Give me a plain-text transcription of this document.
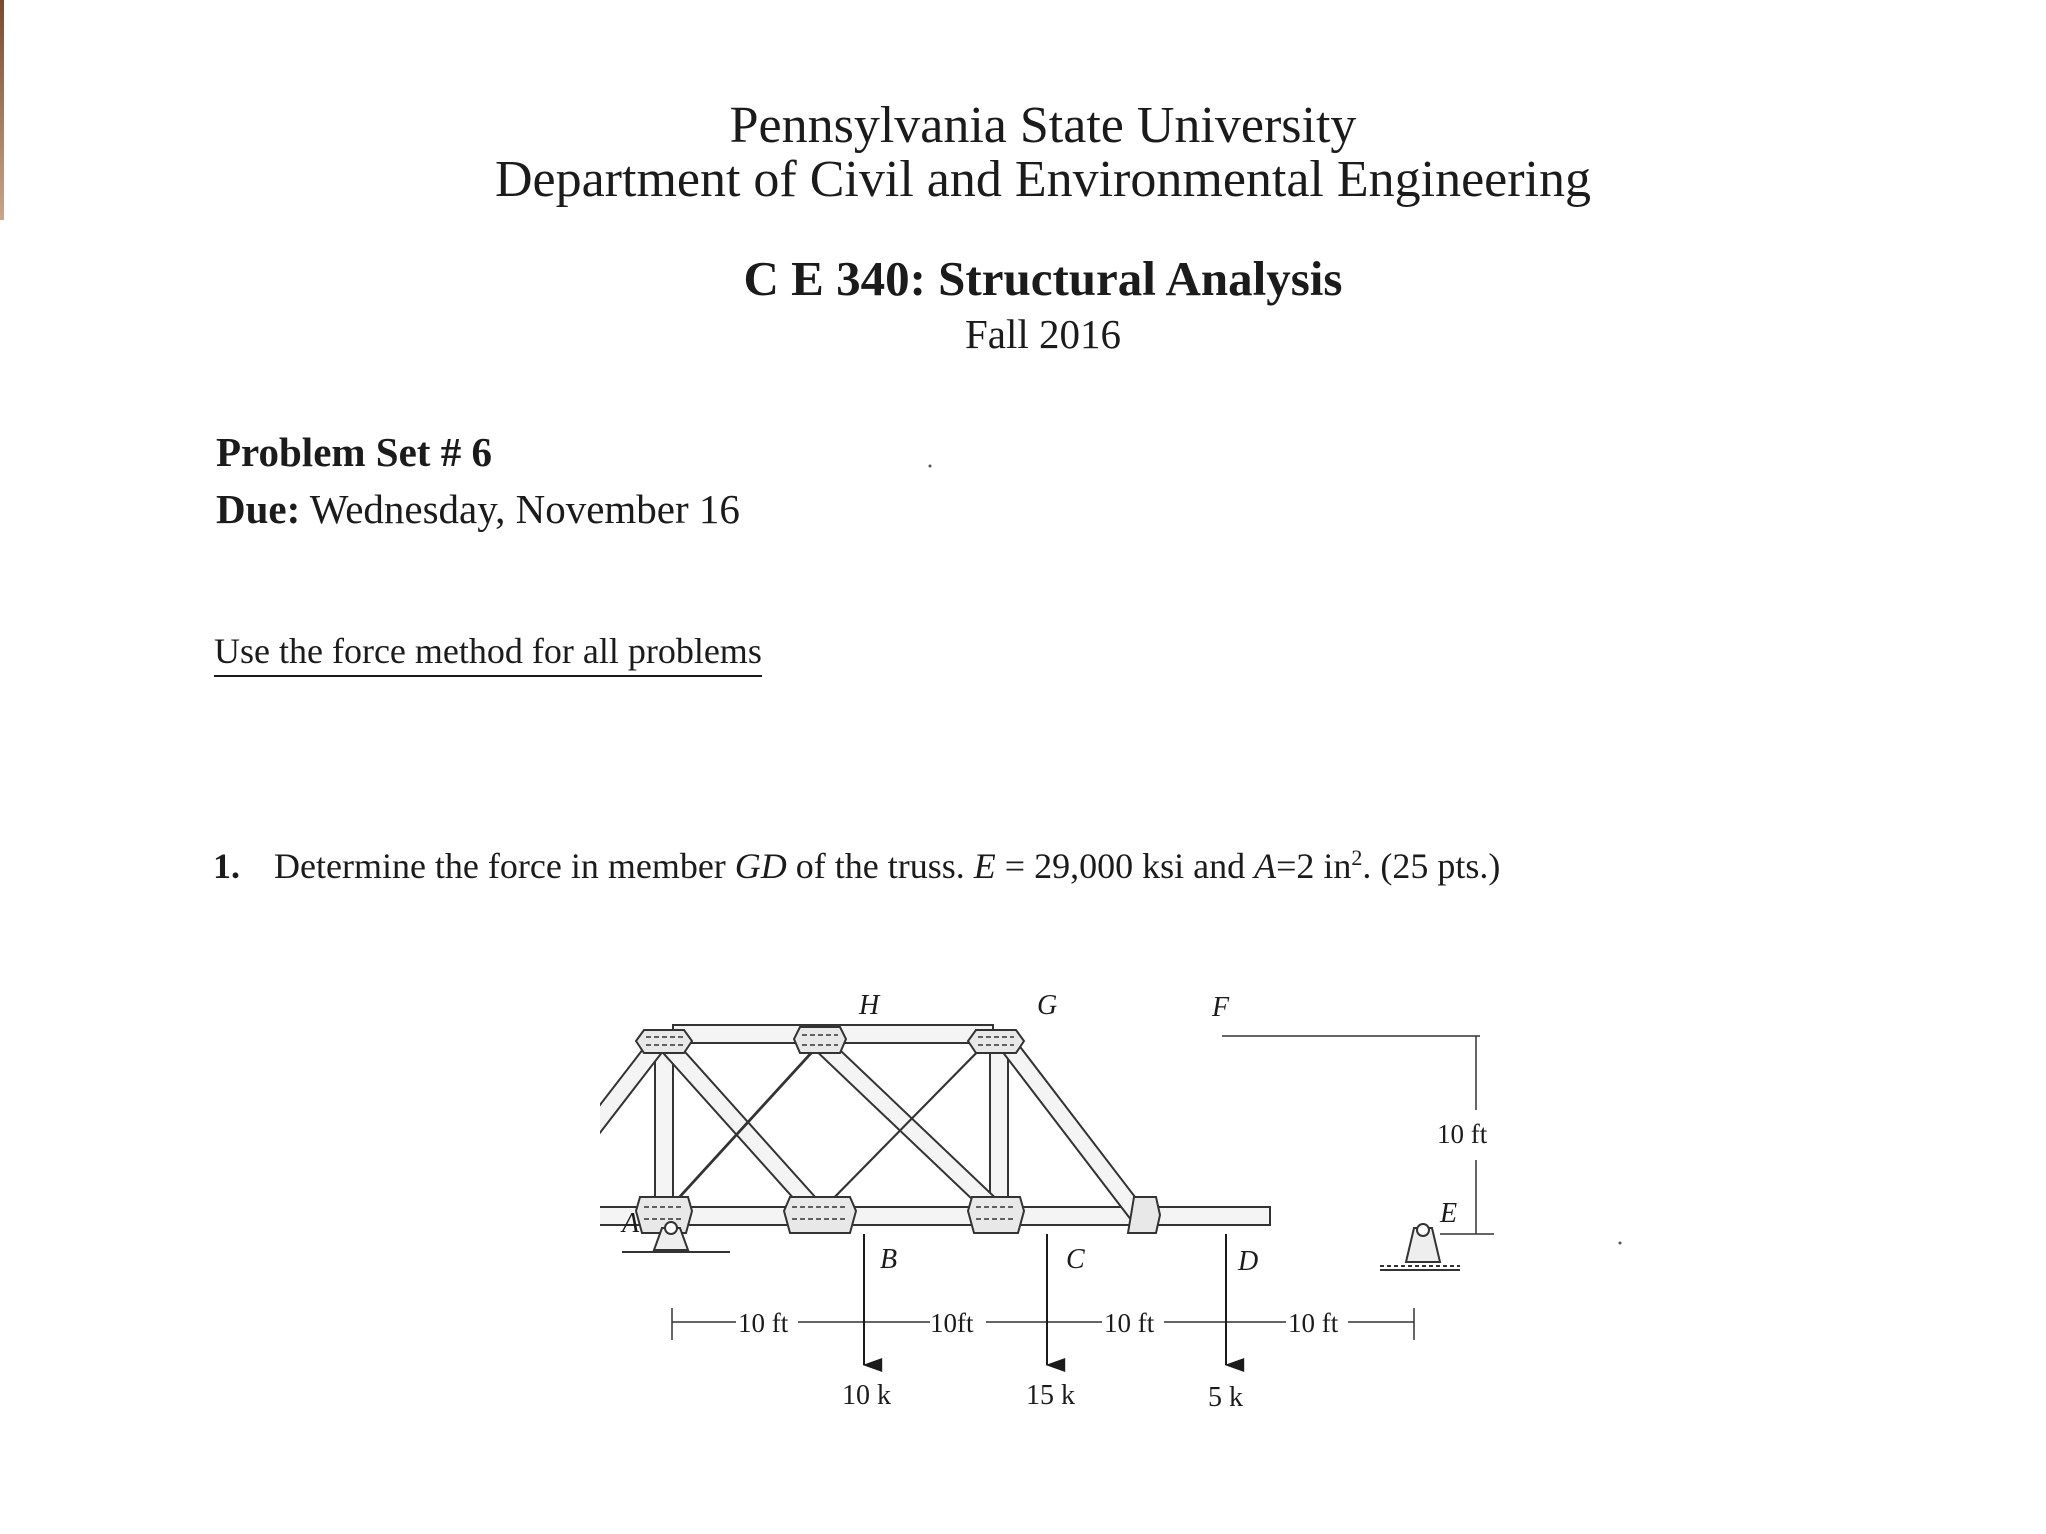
Pennsylvania State University
Department of Civil and Environmental Engineering
C E 340: Structural Analysis
Fall 2016
Problem Set # 6
Due: Wednesday, November 16
Use the force method for all problems
1. Determine the force in member GD of the truss. E = 29,000 ksi and A=2 $in^2$. (25 pts.)
10 ft
10 ft	10ft	10 ft	10 ft
10 k	15 k	5 k
H	G	F
A
B	C	D
E
